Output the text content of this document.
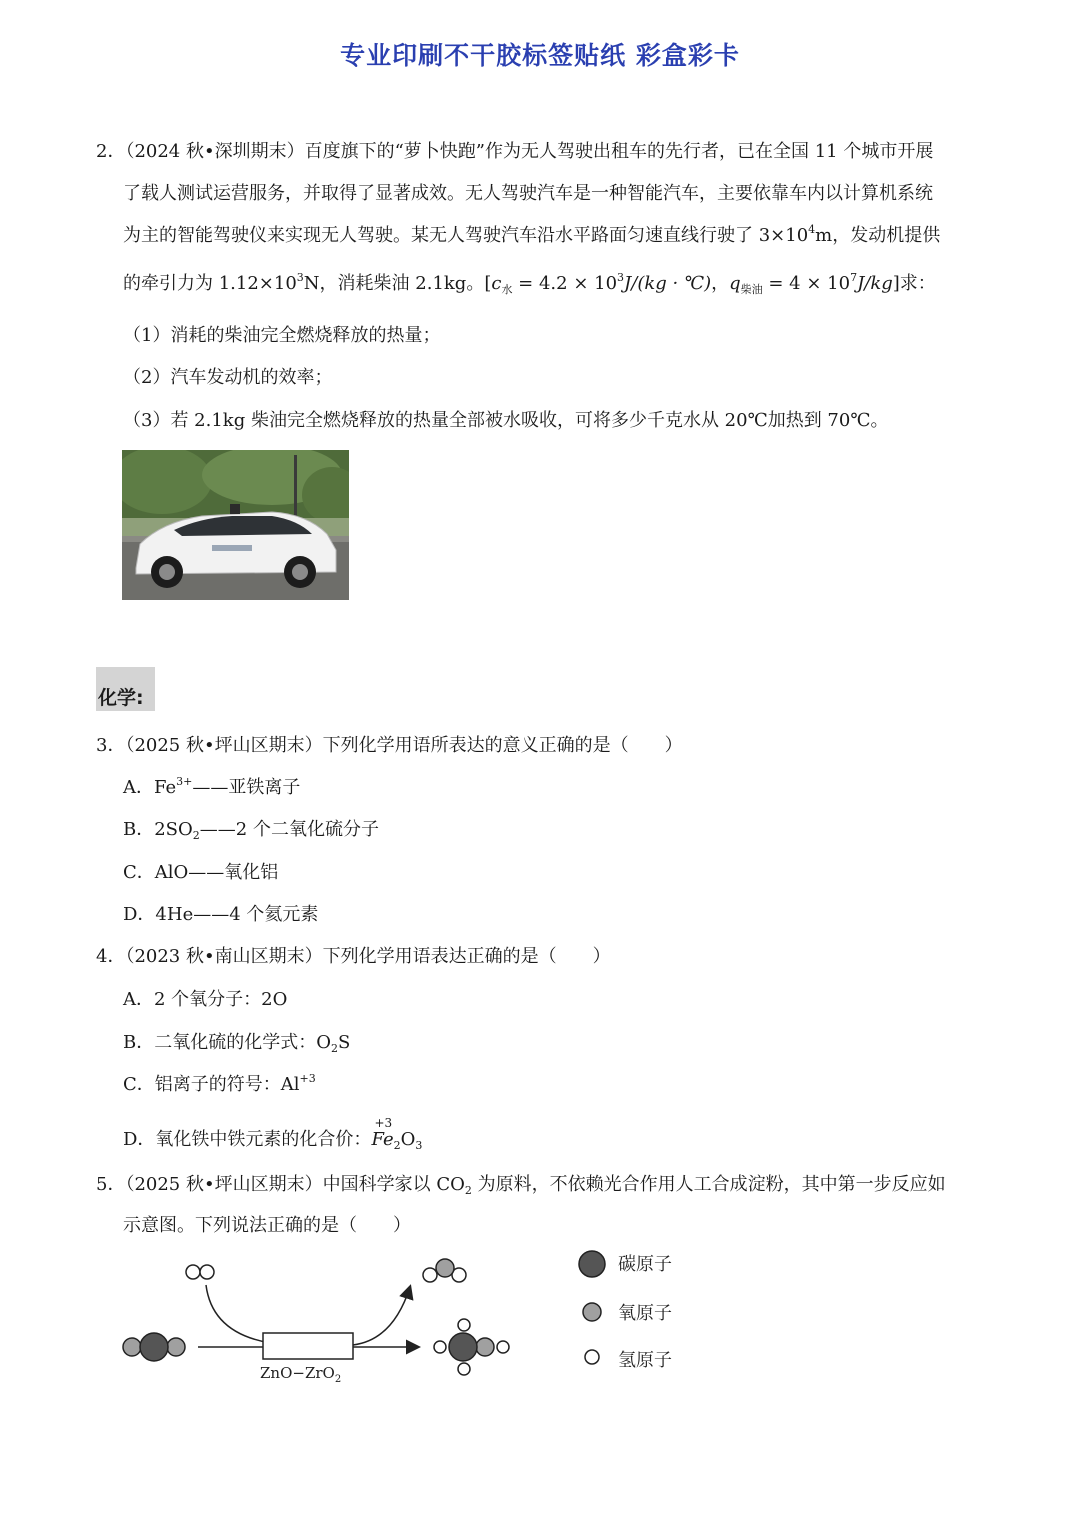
专业印刷不干胶标签贴纸 彩盒彩卡
2．（2024 秋•深圳期末）百度旗下的“萝卜快跑”作为无人驾驶出租车的先行者，已在全国 11 个城市开展
了载人测试运营服务，并取得了显著成效。无人驾驶汽车是一种智能汽车，主要依靠车内以计算机系统
为主的智能驾驶仪来实现无人驾驶。某无人驾驶汽车沿水平路面匀速直线行驶了 $3\times 10^4m$，发动机提供
的牵引力为 $1.12\times 10^3N$，消耗柴油 2.1kg。[$c_水 = 4.2 \times 10^3J/(kg$ · ℃)，$q_{柴油} = 4 \times 10^7J/kg$]求：
（1）消耗的柴油完全燃烧释放的热量；
（2）汽车发动机的效率；
（3）若 2.1kg 柴油完全燃烧释放的热量全部被水吸收，可将多少千克水从 20℃加热到 70℃。
化学:
3．（2025 秋•坪山区期末）下列化学用语所表达的意义正确的是（　　）
A．$Fe^{3+}——$亚铁离子
B．$2SO_2——2$ 个二氧化硫分子
C．AlO——氧化铝
D．4He——4 个氦元素
4．（2023 秋•南山区期末）下列化学用语表达正确的是（　　）
A．2 个氧分子：2O
B．二氧化硫的化学式：$O_2S$
C．铝离子的符号：$Al^{+3}$
D．氧化铁中铁元素的化合价：
+3
$Fe_2O_3$
5．（2025 秋•坪山区期末）中国科学家以 $CO_2$ 为原料，不依赖光合作用人工合成淀粉，其中第一步反应如
示意图。下列说法正确的是（　　）
ZnO−ZrO$_2$
碳原子
氧原子
氢原子
